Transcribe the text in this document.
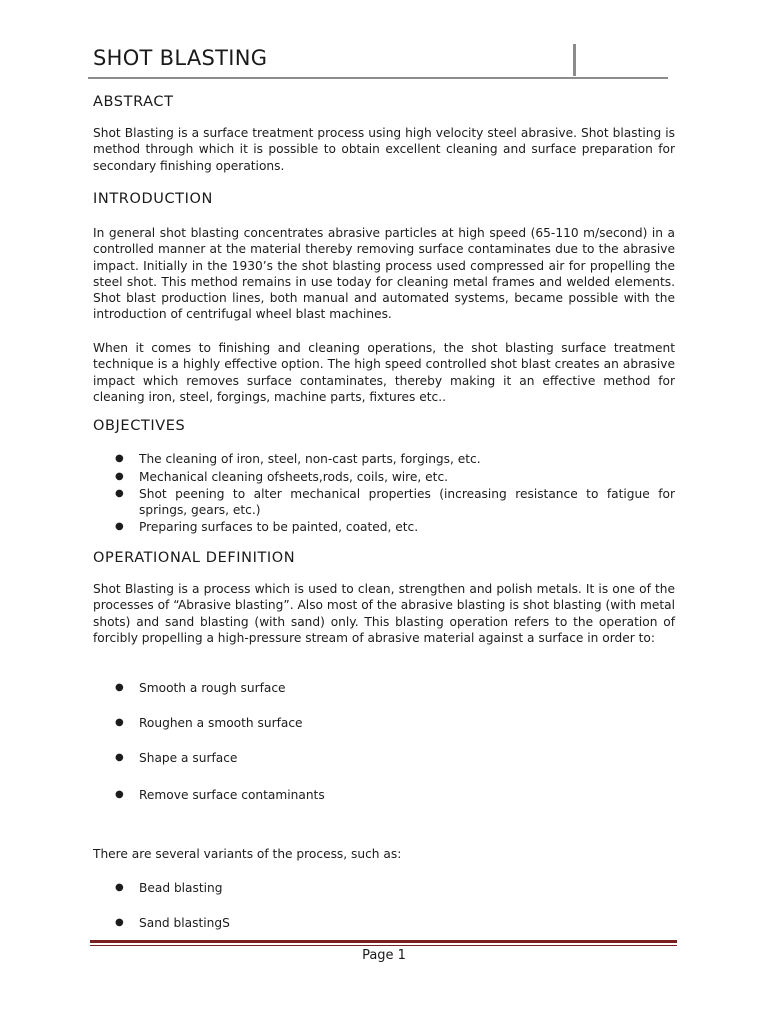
SHOT BLASTING
ABSTRACT

Shot Blasting is a surface treatment process using high velocity steel abrasive. Shot blasting is method through which it is possible to obtain excellent cleaning and surface preparation for secondary finishing operations.

INTRODUCTION

In general shot blasting concentrates abrasive particles at high speed (65-110 m/second) in a controlled manner at the material thereby removing surface contaminates due to the abrasive impact. Initially in the 1930’s the shot blasting process used compressed air for propelling the steel shot. This method remains in use today for cleaning metal frames and welded elements. Shot blast production lines, both manual and automated systems, became possible with the introduction of centrifugal wheel blast machines.

When it comes to finishing and cleaning operations, the shot blasting surface treatment technique is a highly effective option. The high speed controlled shot blast creates an abrasive impact which removes surface contaminates, thereby making it an effective method for cleaning iron, steel, forgings, machine parts, fixtures etc..

OBJECTIVES
● The cleaning of iron, steel, non-cast parts, forgings, etc.

● Mechanical cleaning ofsheets,rods, coils, wire, etc.

● Shot peening to alter mechanical properties (increasing resistance to fatigue for springs, gears, etc.)

● Preparing surfaces to be painted, coated, etc.

OPERATIONAL DEFINITION

Shot Blasting is a process which is used to clean, strengthen and polish metals. It is one of the processes of “Abrasive blasting”. Also most of the abrasive blasting is shot blasting (with metal shots) and sand blasting (with sand) only. This blasting operation refers to the operation of forcibly propelling a high-pressure stream of abrasive material against a surface in order to:

● Smooth a rough surface

● Roughen a smooth surface

● Shape a surface

● Remove surface contaminants

There are several variants of the process, such as:

● Bead blasting

● Sand blastingS

Page 1
